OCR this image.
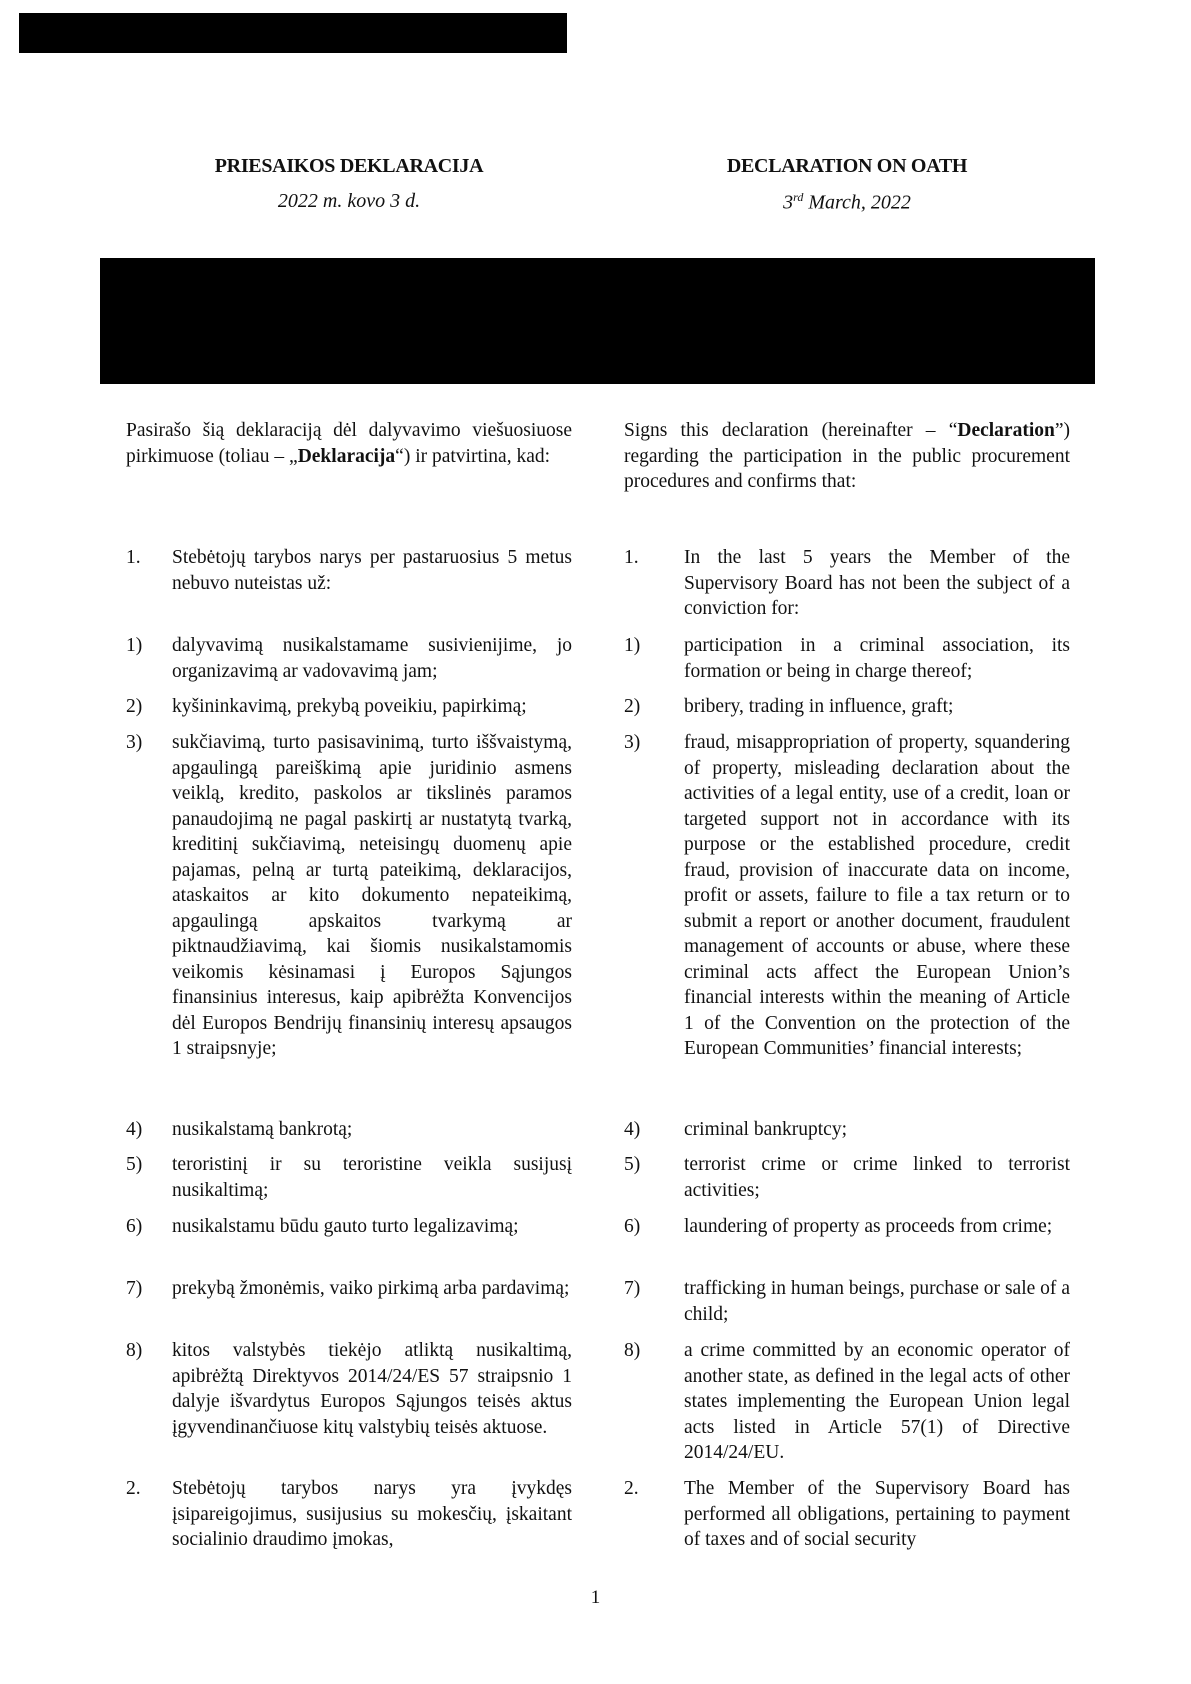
PRIESAIKOS DEKLARACIJA
2022 m. kovo 3 d.
Pasirašo šią deklaraciją dėl dalyvavimo viešuosiuose pirkimuose (toliau – „Deklaracija“) ir patvirtina, kad:
1. Stebėtojų tarybos narys per pastaruosius 5 metus nebuvo nuteistas už:
1) dalyvavimą nusikalstamame susivienijime, jo organizavimą ar vadovavimą jam;
2) kyšininkavimą, prekybą poveikiu, papirkimą;
3) sukčiavimą, turto pasisavinimą, turto iššvaistymą, apgaulingą pareiškimą apie juridinio asmens veiklą, kredito, paskolos ar tikslinės paramos panaudojimą ne pagal paskirtį ar nustatytą tvarką, kreditinį sukčiavimą, neteisingų duomenų apie pajamas, pelną ar turtą pateikimą, deklaracijos, ataskaitos ar kito dokumento nepateikimą, apgaulingą apskaitos tvarkymą ar piktnaudžiavimą, kai šiomis nusikalstamomis veikomis kėsinamasi į Europos Sąjungos finansinius interesus, kaip apibrėžta Konvencijos dėl Europos Bendrijų finansinių interesų apsaugos 1 straipsnyje;
4) nusikalstamą bankrotą;
5) teroristinį ir su teroristine veikla susijusį nusikaltimą;
6) nusikalstamu būdu gauto turto legalizavimą;
7) prekybą žmonėmis, vaiko pirkimą arba pardavimą;
8) kitos valstybės tiekėjo atliktą nusikaltimą, apibrėžtą Direktyvos 2014/24/ES 57 straipsnio 1 dalyje išvardytus Europos Sąjungos teisės aktus įgyvendinančiuose kitų valstybių teisės aktuose.
2. Stebėtojų tarybos narys yra įvykdęs įsipareigojimus, susijusius su mokesčių, įskaitant socialinio draudimo įmokas,
DECLARATION ON OATH
3rd March, 2022
Signs this declaration (hereinafter – “Declaration”) regarding the participation in the public procurement procedures and confirms that:
1. In the last 5 years the Member of the Supervisory Board has not been the subject of a conviction for:
1) participation in a criminal association, its formation or being in charge thereof;
2) bribery, trading in influence, graft;
3) fraud, misappropriation of property, squandering of property, misleading declaration about the activities of a legal entity, use of a credit, loan or targeted support not in accordance with its purpose or the established procedure, credit fraud, provision of inaccurate data on income, profit or assets, failure to file a tax return or to submit a report or another document, fraudulent management of accounts or abuse, where these criminal acts affect the European Union’s financial interests within the meaning of Article 1 of the Convention on the protection of the European Communities’ financial interests;
4) criminal bankruptcy;
5) terrorist crime or crime linked to terrorist activities;
6) laundering of property as proceeds from crime;
7) trafficking in human beings, purchase or sale of a child;
8) a crime committed by an economic operator of another state, as defined in the legal acts of other states implementing the European Union legal acts listed in Article 57(1) of Directive 2014/24/EU.
2. The Member of the Supervisory Board has performed all obligations, pertaining to payment of taxes and of social security
1
